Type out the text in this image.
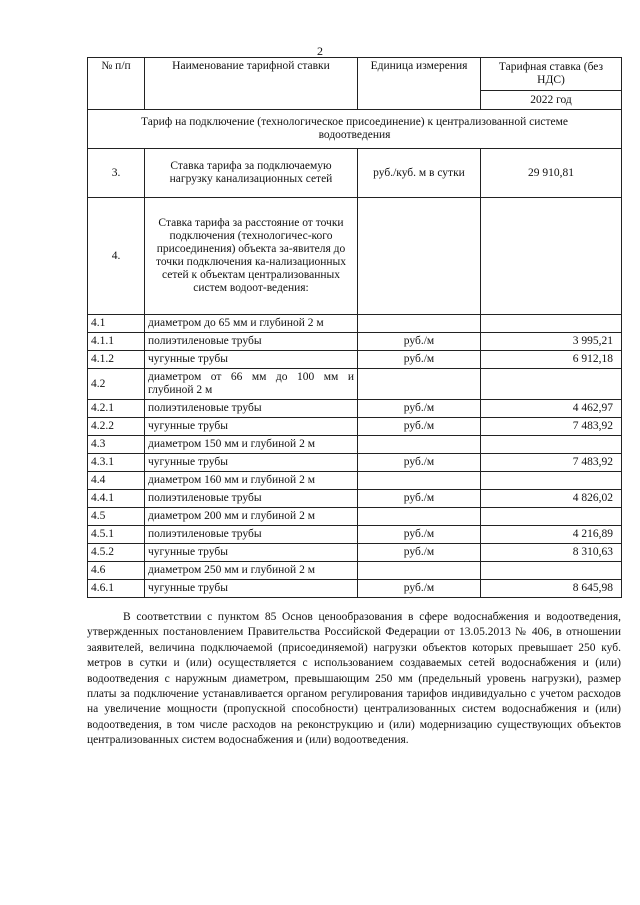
2
№ п/п	Наименование тарифной ставки	Единица измерения	Тарифная ставка (без НДС)
			2022 год
Тариф на подключение (технологическое присоединение) к централизованной системе водоотведения			
3.	Ставка тарифа за подключаемую нагрузку канализационных сетей	руб./куб. м в сутки	29 910,81
4.	Ставка тарифа за расстояние от точки подключения (технологичес-кого присоединения) объекта за-явителя до точки подключения ка-нализационных сетей к объектам централизованных систем водоот-ведения:		
4.1	диаметром до 65 мм и глубиной 2 м		
4.1.1	полиэтиленовые трубы	руб./м	3 995,21
4.1.2	чугунные трубы	руб./м	6 912,18
4.2	диаметром от 66 мм до 100 мм и глубиной 2 м		
4.2.1	полиэтиленовые трубы	руб./м	4 462,97
4.2.2	чугунные трубы	руб./м	7 483,92
4.3	диаметром 150 мм и глубиной 2 м		
4.3.1	чугунные трубы	руб./м	7 483,92
4.4	диаметром 160 мм и глубиной 2 м		
4.4.1	полиэтиленовые трубы	руб./м	4 826,02
4.5	диаметром 200 мм и глубиной 2 м		
4.5.1	полиэтиленовые трубы	руб./м	4 216,89
4.5.2	чугунные трубы	руб./м	8 310,63
4.6	диаметром 250 мм и глубиной 2 м		
4.6.1	чугунные трубы	руб./м	8 645,98

В соответствии с пунктом 85 Основ ценообразования в сфере водоснабжения и водоотведения, утвержденных постановлением Правительства Российской Федерации от 13.05.2013 № 406, в отношении заявителей, величина подключаемой (присоединяемой) нагрузки объектов которых превышает 250 куб. метров в сутки и (или) осуществляется с использованием создаваемых сетей водоснабжения и (или) водоотведения с наружным диаметром, превышающим 250 мм (предельный уровень нагрузки), размер платы за подключение устанавливается органом регулирования тарифов индивидуально с учетом расходов на увеличение мощности (пропускной способности) централизованных систем водоснабжения и (или) водоотведения, в том числе расходов на реконструкцию и (или) модернизацию существующих объектов централизованных систем водоснабжения и (или) водоотведения.
